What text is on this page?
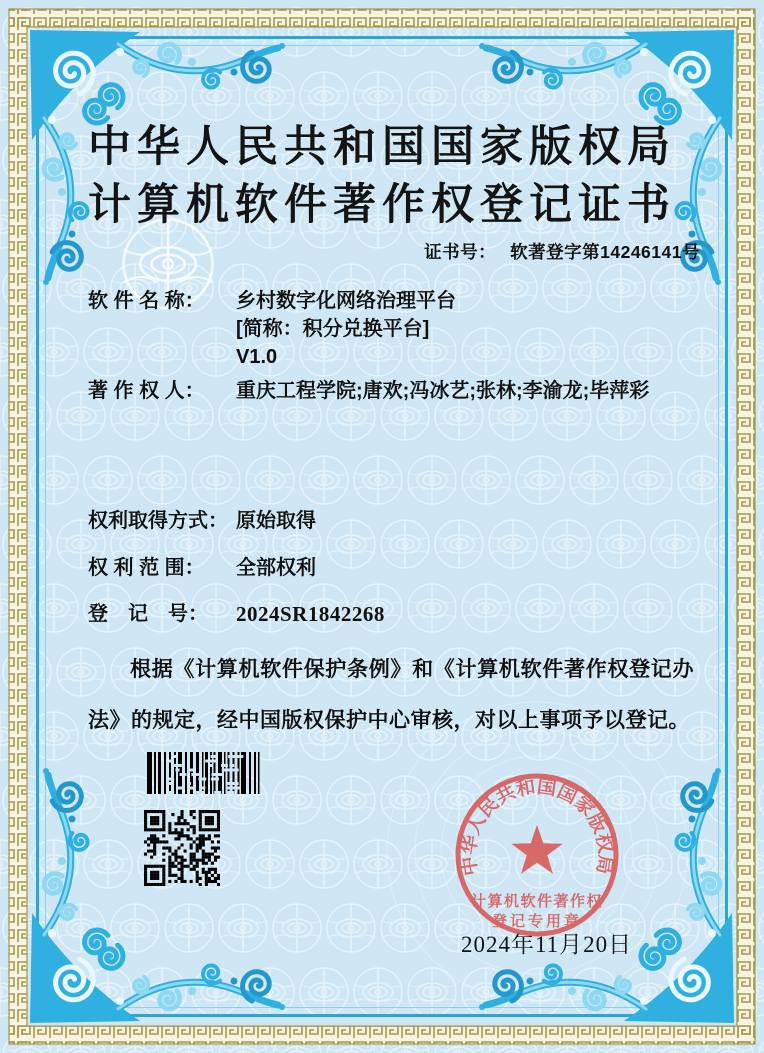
中华人民共和国国家版权局
计算机软件著作权登记证书
证书号： 软著登字第14246141号
软 件 名 称：	乡村数字化网络治理平台
[简称：积分兑换平台]
V1.0
著 作 权 人：	重庆工程学院;唐欢;冯冰艺;张林;李渝龙;毕萍彩
权利取得方式： 原始取得
权 利 范 围：	全部权利
登　记　号：	2024SR1842268
根据《计算机软件保护条例》和《计算机软件著作权登记办法》的规定，经中国版权保护中心审核，对以上事项予以登记。
2024年11月20日
中华人民共和国国家版权局
计算机软件著作权
登记专用章
